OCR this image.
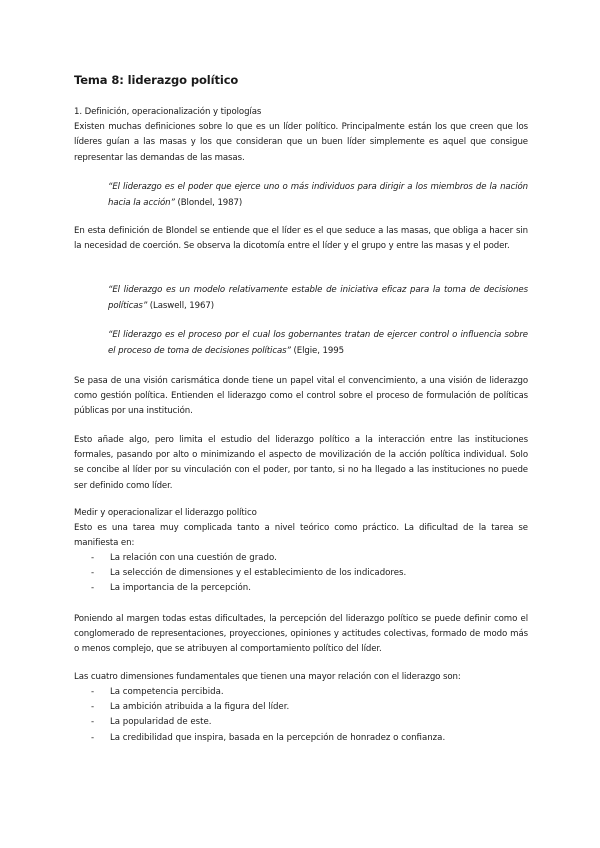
Tema 8: liderazgo político

1. Definición, operacionalización y tipologías

Existen muchas definiciones sobre lo que es un líder político. Principalmente están los que creen que los líderes guían a las masas y los que consideran que un buen líder simplemente es aquel que consigue representar las demandas de las masas.

“El liderazgo es el poder que ejerce uno o más individuos para dirigir a los miembros de la nación hacia la acción” (Blondel, 1987)

En esta definición de Blondel se entiende que el líder es el que seduce a las masas, que obliga a hacer sin la necesidad de coerción. Se observa la dicotomía entre el líder y el grupo y entre las masas y el poder.

“El liderazgo es un modelo relativamente estable de iniciativa eficaz para la toma de decisiones políticas” (Laswell, 1967)
“El liderazgo es el proceso por el cual los gobernantes tratan de ejercer control o influencia sobre el proceso de toma de decisiones políticas” (Elgie, 1995

Se pasa de una visión carismática donde tiene un papel vital el convencimiento, a una visión de liderazgo como gestión política. Entienden el liderazgo como el control sobre el proceso de formulación de políticas públicas por una institución.

Esto añade algo, pero limita el estudio del liderazgo político a la interacción entre las instituciones formales, pasando por alto o minimizando el aspecto de movilización de la acción política individual. Solo se concibe al líder por su vinculación con el poder, por tanto, si no ha llegado a las instituciones no puede ser definido como líder.

Medir y operacionalizar el liderazgo político

Esto es una tarea muy complicada tanto a nivel teórico como práctico. La dificultad de la tarea se manifiesta en:

- La relación con una cuestión de grado.
- La selección de dimensiones y el establecimiento de los indicadores.
- La importancia de la percepción.

Poniendo al margen todas estas dificultades, la percepción del liderazgo político se puede definir como el conglomerado de representaciones, proyecciones, opiniones y actitudes colectivas, formado de modo más o menos complejo, que se atribuyen al comportamiento político del líder.

Las cuatro dimensiones fundamentales que tienen una mayor relación con el liderazgo son:

- La competencia percibida.
- La ambición atribuida a la figura del líder.
- La popularidad de este.
- La credibilidad que inspira, basada en la percepción de honradez o confianza.
